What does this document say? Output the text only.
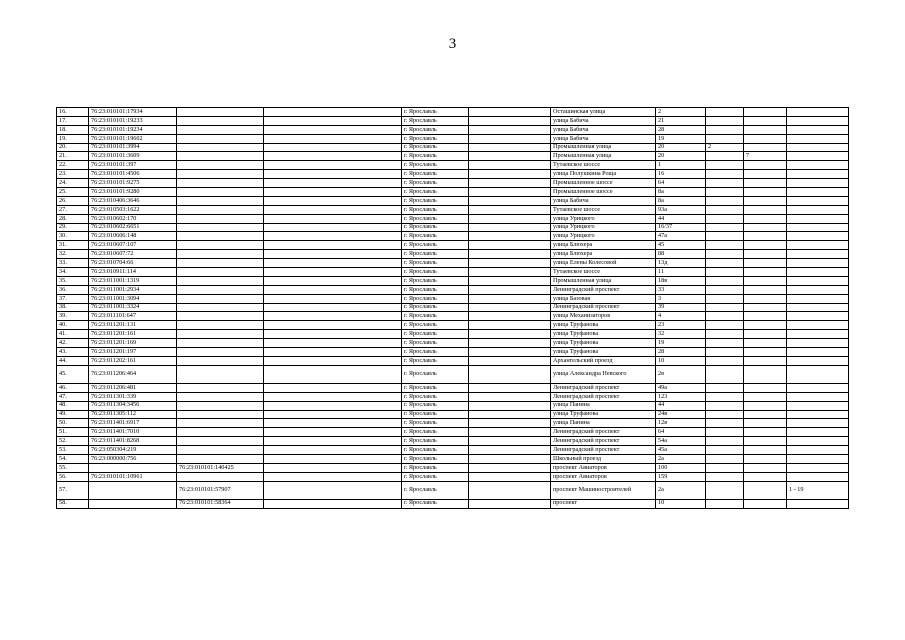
3
16.	76:23:010101:17934			г. Ярославль		Осташинская улица	2			
17.	76:23:010101:19233			г. Ярославль		улица Бабича	21			
18.	76:23:010101:19234			г. Ярославль		улица Бабича	28			
19.	76:23:010101:19602			г. Ярославль		улица Бабича	19			
20.	76:23:010101:3994			г. Ярославль		Промышленная улица	20	2		
21.	76:23:010101:3609			г. Ярославль		Промышленная улица	20		7	
22.	76:23:010101:397			г. Ярославль		Тутаевское шоссе	1			
23.	76:23:010101:4506			г. Ярославль		улица Полушкина Роща	16			
24.	76:23:010101:9275			г. Ярославль		Промышленное шоссе	64			
25.	76:23:010101:9280			г. Ярославль		Промышленное шоссе	8а			
26.	76:23:010406:3646			г. Ярославль		улица Бабича	8а			
27.	76:23:010503:1622			г. Ярославль		Тутаевское шоссе	93а			
28.	76:23:010602:170			г. Ярославль		улица Урицкого	44			
29.	76:23:010602:6651			г. Ярославль		улица Урицкого	16/37			
30.	76:23:010606:148			г. Ярославль		улица Урицкого	47а			
31.	76:23:010607:107			г. Ярославль		улица Блюхера	45			
32.	76:23:010607:72			г. Ярославль		улица Блюхера	88			
33.	76:23:010704:66			г. Ярославль		улица Елены Колесовой	13д			
34.	76:23:010911:114			г. Ярославль		Тутаевское шоссе	11			
35.	76:23:011001:1319			г. Ярославль		Промышленная улица	18в			
36.	76:23:011001:2934			г. Ярославль		Ленинградский проспект	33			
37.	76:23:011001:3094			г. Ярославль		улица Базовая	3			
38.	76:23:011001:3324			г. Ярославль		Ленинградский проспект	39			
39.	76:23:011101:647			г. Ярославль		улица Механизаторов	4			
40.	76:23:011201:131			г. Ярославль		улица Труфанова	23			
41.	76:23:011201:161			г. Ярославль		улица Труфанова	32			
42.	76:23:011201:169			г. Ярославль		улица Труфанова	19			
43.	76:23:011201:197			г. Ярославль		улица Труфанова	28			
44.	76:23:011202:161			г. Ярославль		Архангельский проезд	10			
45.	76:23:011206:464			г. Ярославль		улица Александра Невского	2в			
46.	76:23:011206:481			г. Ярославль		Ленинградский проспект	49а			
47.	76:23:011301:339			г. Ярославль		Ленинградский проспект	123			
48.	76:23:011304:3456			г. Ярославль		улица Панина	44			
49.	76:23:011305:112			г. Ярославль		улица Труфанова	24в			
50.	76:23:011401:6917			г. Ярославль		улица Панина	12в			
51.	76:23:011401:7010			г. Ярославль		Ленинградский проспект	64			
52.	76:23:011401:8268			г. Ярославль		Ленинградский проспект	54а			
53.	76:23:050304:219			г. Ярославль		Ленинградский проспект	45а			
54.	76:23:000000:756			г. Ярославль		Школьный проезд	2а			
55.		76:23:010101:140425		г. Ярославль		проспект Авиаторов	100			
56.	76:23:010101:10961			г. Ярославль		проспект Авиаторов	159			
57.		76:23:010101:57907		г. Ярославль		проспект Машиностроителей	2а			1 - 19
58.		76:23:010101:58364		г. Ярославль		проспект	10			
